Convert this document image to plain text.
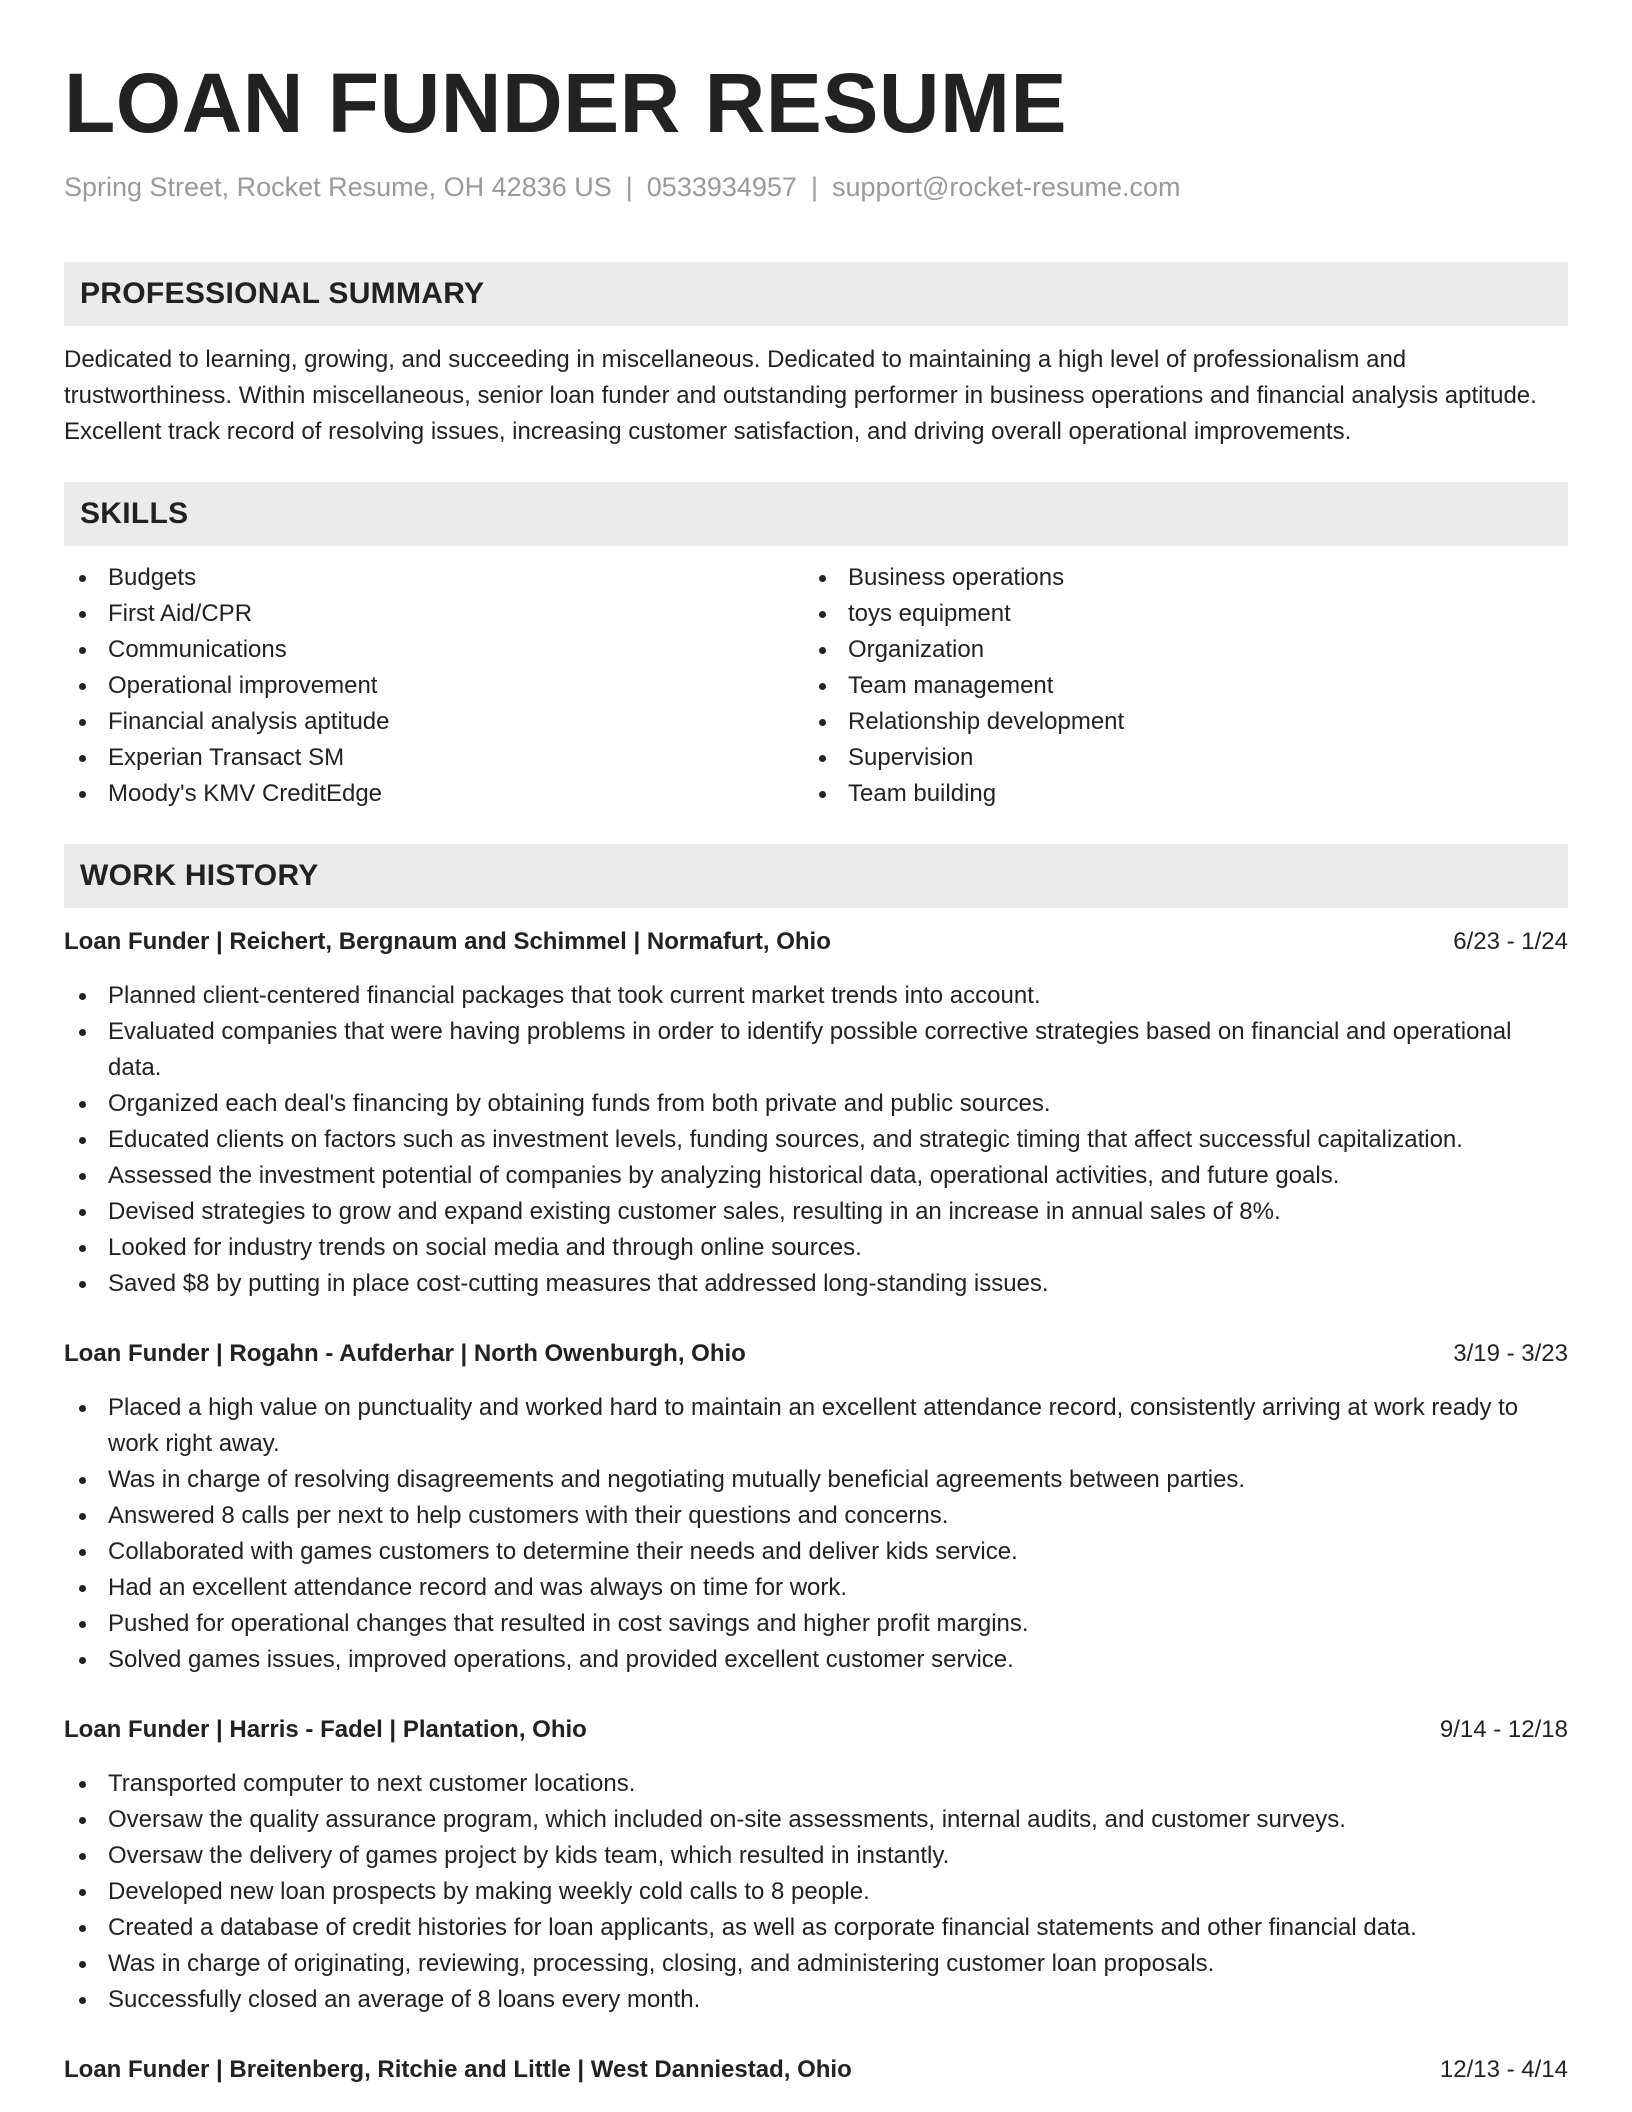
LOAN FUNDER RESUME
Spring Street, Rocket Resume, OH 42836 US | 0533934957 | support@rocket-resume.com
PROFESSIONAL SUMMARY

Dedicated to learning, growing, and succeeding in miscellaneous. Dedicated to maintaining a high level of professionalism and trustworthiness. Within miscellaneous, senior loan funder and outstanding performer in business operations and financial analysis aptitude. Excellent track record of resolving issues, increasing customer satisfaction, and driving overall operational improvements.

SKILLS
Budgets
First Aid/CPR
Communications
Operational improvement
Financial analysis aptitude
Experian Transact SM
Moody's KMV CreditEdge
Business operations
toys equipment
Organization
Team management
Relationship development
Supervision
Team building
WORK HISTORY
Loan Funder | Reichert, Bergnaum and Schimmel | Normafurt, Ohio	6/23 - 1/24
Planned client-centered financial packages that took current market trends into account.
Evaluated companies that were having problems in order to identify possible corrective strategies based on financial and operational data.
Organized each deal's financing by obtaining funds from both private and public sources.
Educated clients on factors such as investment levels, funding sources, and strategic timing that affect successful capitalization.
Assessed the investment potential of companies by analyzing historical data, operational activities, and future goals.
Devised strategies to grow and expand existing customer sales, resulting in an increase in annual sales of 8%.
Looked for industry trends on social media and through online sources.
Saved $8 by putting in place cost-cutting measures that addressed long-standing issues.
Loan Funder | Rogahn - Aufderhar | North Owenburgh, Ohio	3/19 - 3/23
Placed a high value on punctuality and worked hard to maintain an excellent attendance record, consistently arriving at work ready to work right away.
Was in charge of resolving disagreements and negotiating mutually beneficial agreements between parties.
Answered 8 calls per next to help customers with their questions and concerns.
Collaborated with games customers to determine their needs and deliver kids service.
Had an excellent attendance record and was always on time for work.
Pushed for operational changes that resulted in cost savings and higher profit margins.
Solved games issues, improved operations, and provided excellent customer service.
Loan Funder | Harris - Fadel | Plantation, Ohio	9/14 - 12/18
Transported computer to next customer locations.
Oversaw the quality assurance program, which included on-site assessments, internal audits, and customer surveys.
Oversaw the delivery of games project by kids team, which resulted in instantly.
Developed new loan prospects by making weekly cold calls to 8 people.
Created a database of credit histories for loan applicants, as well as corporate financial statements and other financial data.
Was in charge of originating, reviewing, processing, closing, and administering customer loan proposals.
Successfully closed an average of 8 loans every month.
Loan Funder | Breitenberg, Ritchie and Little | West Danniestad, Ohio	12/13 - 4/14
